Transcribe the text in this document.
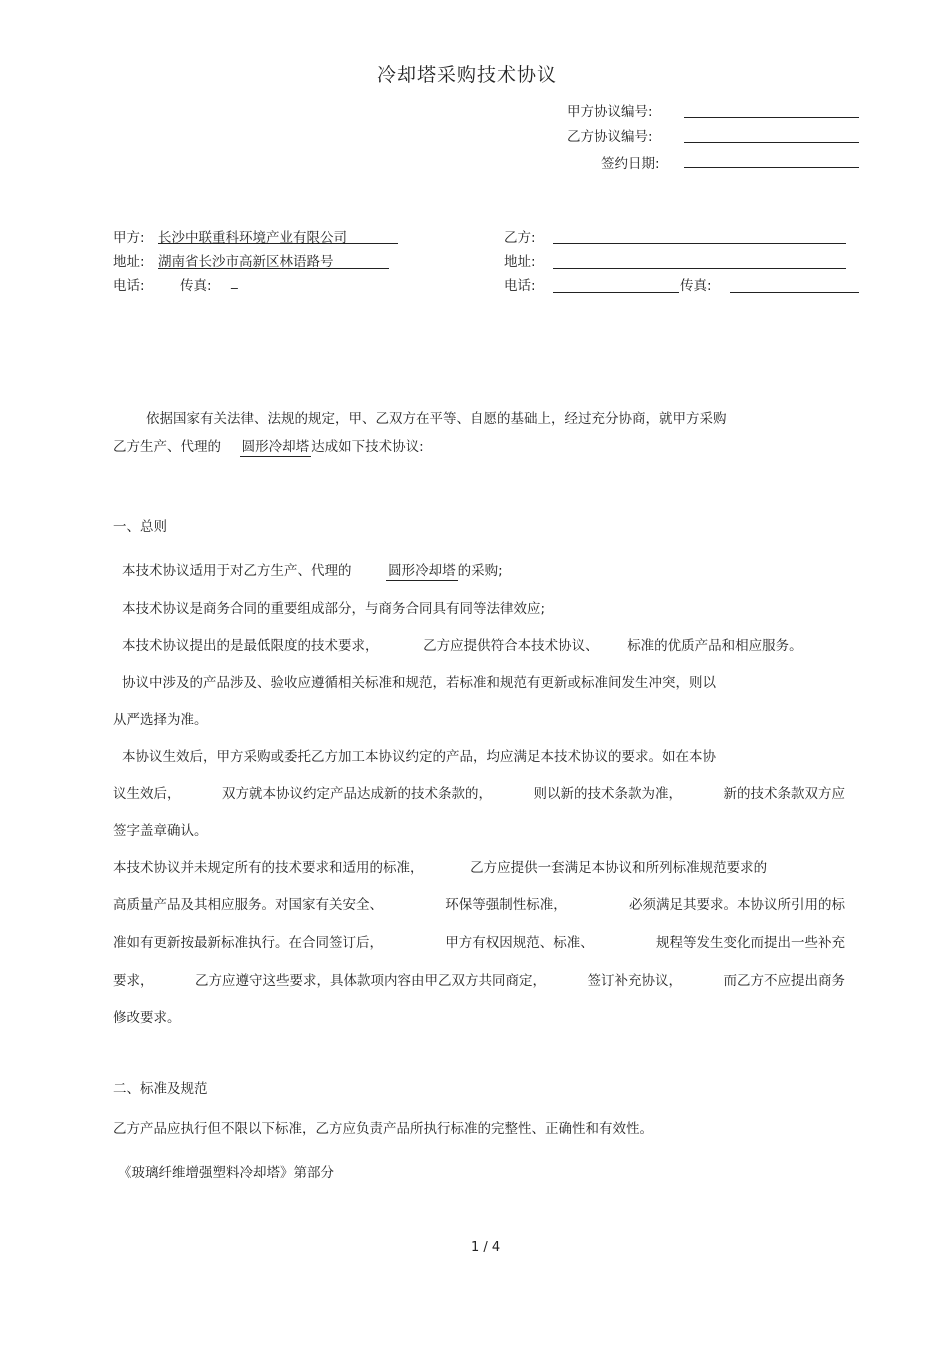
冷却塔采购技术协议
甲方协议编号:
乙方协议编号:
签约日期:
甲方: 长沙中联重科环境产业有限公司
地址: 湖南省长沙市高新区林语路号
电话:	传真: _
乙方:
地址:
电话:	传真:
依据国家有关法律、法规的规定，甲、乙双方在平等、自愿的基础上，经过充分协商，就甲方采购
乙方生产、代理的 圆形冷却塔 达成如下技术协议:
一、总则
本技术协议适用于对乙方生产、代理的	圆形冷却塔 的采购;
本技术协议是商务合同的重要组成部分，与商务合同具有同等法律效应;
本技术协议提出的是最低限度的技术要求，	乙方应提供符合本技术协议、 标准的优质产品和相应服务。
协议中涉及的产品涉及、验收应遵循相关标准和规范，若标准和规范有更新或标准间发生冲突，则以
从严选择为准。
本协议生效后，甲方采购或委托乙方加工本协议约定的产品，均应满足本技术协议的要求。如在本协
议生效后，	双方就本协议约定产品达成新的技术条款的，	则以新的技术条款为准，	新的技术条款双方应
签字盖章确认。
本技术协议并未规定所有的技术要求和适用的标准，	乙方应提供一套满足本协议和所列标准规范要求的
高质量产品及其相应服务。对国家有关安全、	环保等强制性标准，	必须满足其要求。本协议所引用的标
准如有更新按最新标准执行。在合同签订后，	甲方有权因规范、标准、	规程等发生变化而提出一些补充
要求，	乙方应遵守这些要求，具体款项内容由甲乙双方共同商定，	签订补充协议，	而乙方不应提出商务
修改要求。
二、标准及规范
乙方产品应执行但不限以下标准，乙方应负责产品所执行标准的完整性、正确性和有效性。
《玻璃纤维增强塑料冷却塔》第部分
1 / 4
